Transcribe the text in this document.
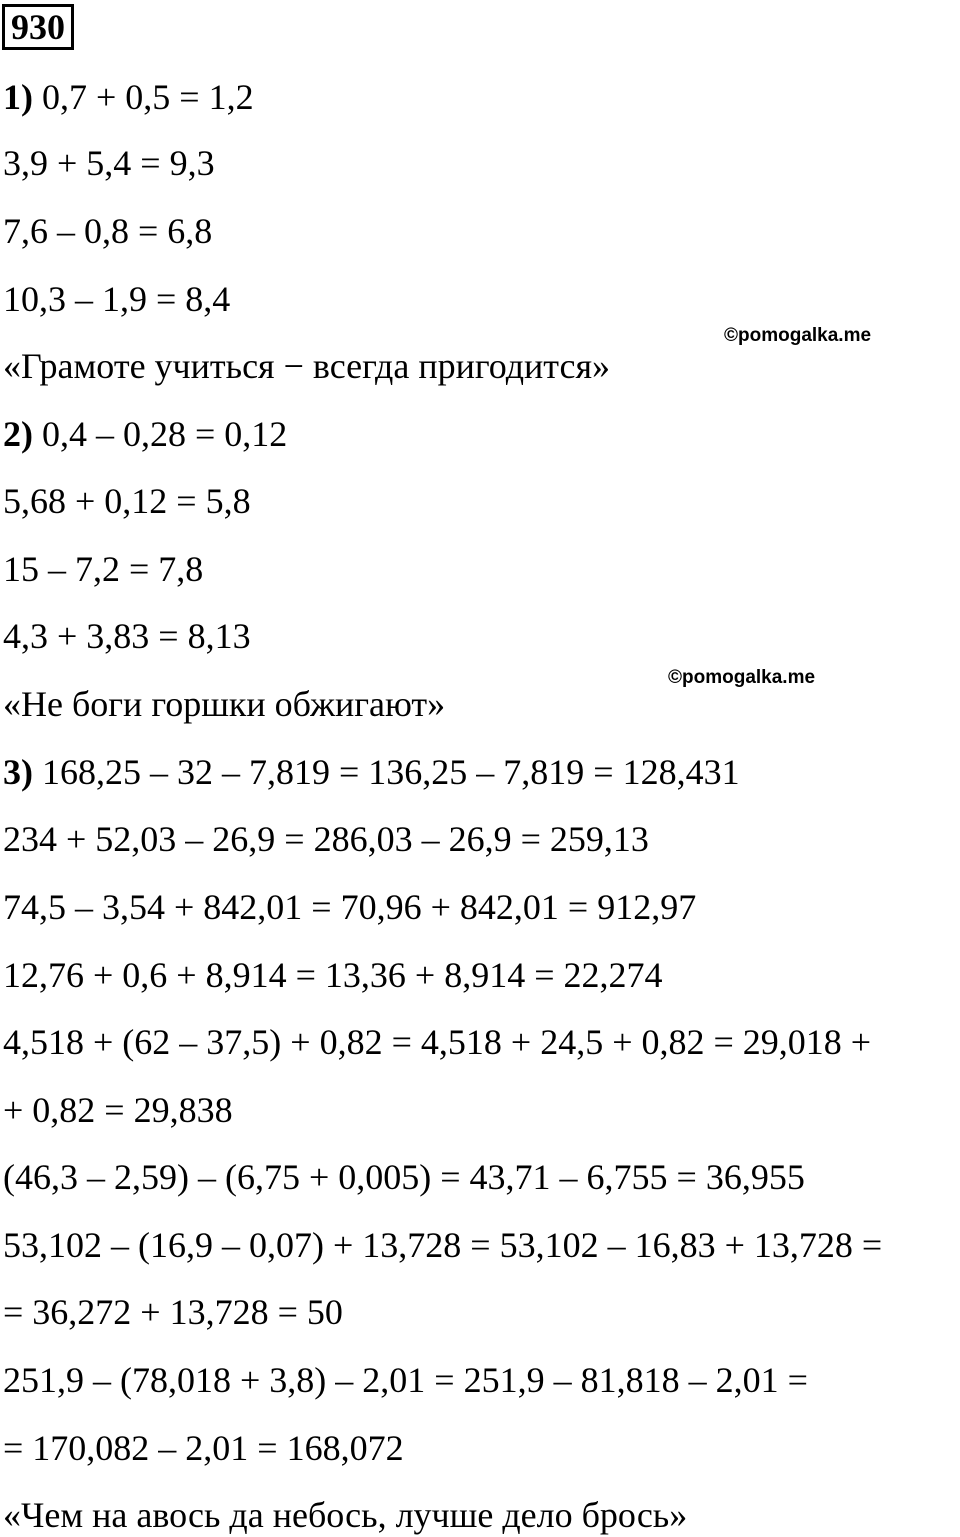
930
1) 0,7 + 0,5 = 1,2
3,9 + 5,4 = 9,3
7,6 – 0,8 = 6,8
10,3 – 1,9 = 8,4
©pomogalka.me
«Грамоте учиться − всегда пригодится»
2) 0,4 – 0,28 = 0,12
5,68 + 0,12 = 5,8
15 – 7,2 = 7,8
4,3 + 3,83 = 8,13
©pomogalka.me
«Не боги горшки обжигают»
3) 168,25 – 32 – 7,819 = 136,25 – 7,819 = 128,431
234 + 52,03 – 26,9 = 286,03 – 26,9 = 259,13
74,5 – 3,54 + 842,01 = 70,96 + 842,01 = 912,97
12,76 + 0,6 + 8,914 = 13,36 + 8,914 = 22,274
4,518 + (62 – 37,5) + 0,82 = 4,518 + 24,5 + 0,82 = 29,018 +
+ 0,82 = 29,838
(46,3 – 2,59) – (6,75 + 0,005) = 43,71 – 6,755 = 36,955
53,102 – (16,9 – 0,07) + 13,728 = 53,102 – 16,83 + 13,728 =
= 36,272 + 13,728 = 50
251,9 – (78,018 + 3,8) – 2,01 = 251,9 – 81,818 – 2,01 =
= 170,082 – 2,01 = 168,072
«Чем на авось да небось, лучше дело брось»
